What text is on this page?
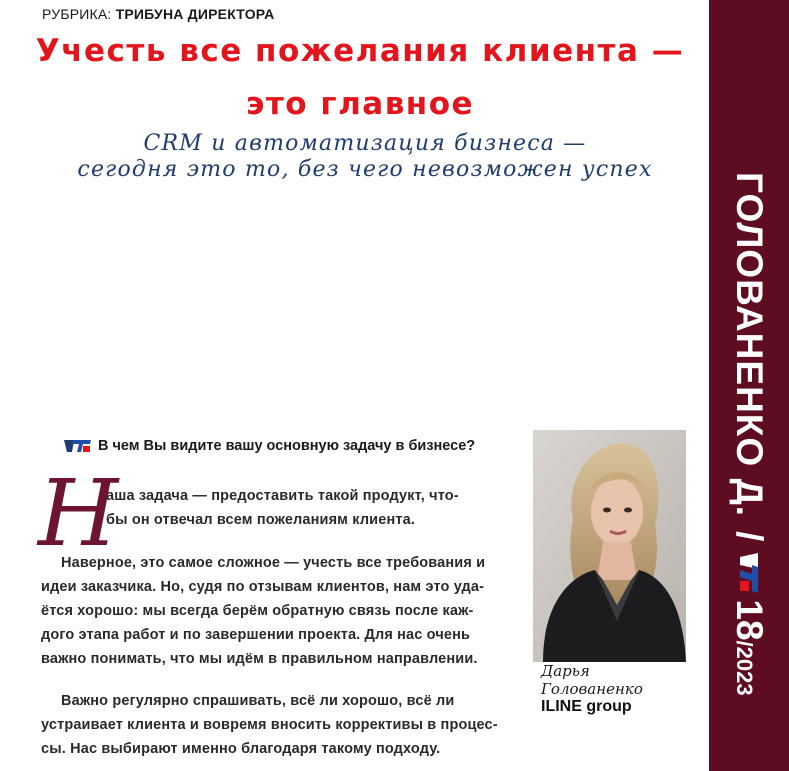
РУБРИКА: ТРИБУНА ДИРЕКТОРА
Учесть все пожелания клиента —
это главное
CRM и автоматизация бизнеса —
сегодня это то, без чего невозможен успех
ГОЛОВАНЕНКО Д.
/
18
/2023
В чем Вы видите вашу основную задачу в бизнесе?
Н
аша задача — предоставить такой продукт, что-
бы он отвечал всем пожеланиям клиента.
Наверное, это самое сложное — учесть все требования и
идеи заказчика. Но, судя по отзывам клиентов, нам это уда-
ётся хорошо: мы всегда берём обратную связь после каж-
дого этапа работ и по завершении проекта. Для нас очень
важно понимать, что мы идём в правильном направлении.
Важно регулярно спрашивать, всё ли хорошо, всё ли
устраивает клиента и вовремя вносить коррективы в процес-
сы. Нас выбирают именно благодаря такому подходу.
Дарья
Голованенко
ILINE group
